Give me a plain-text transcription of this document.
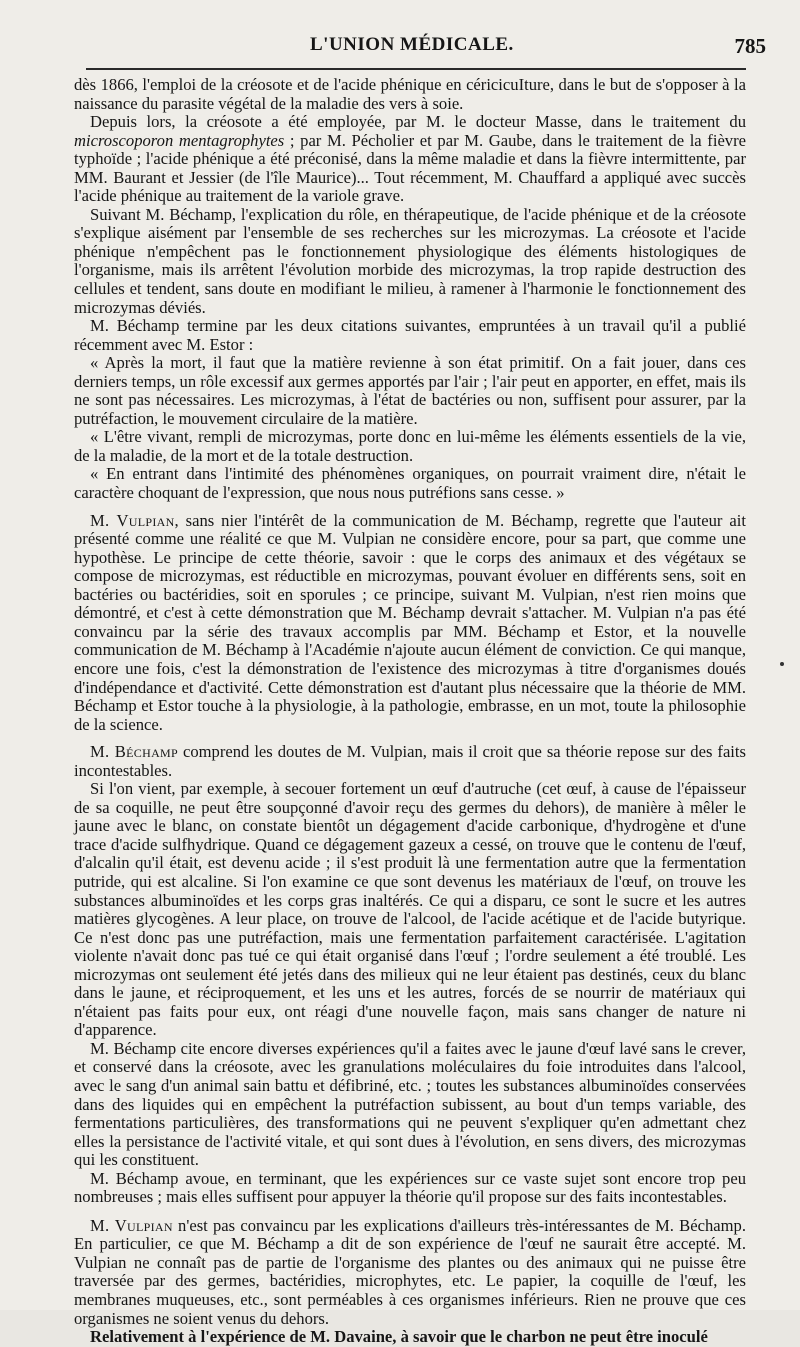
L'UNION MÉDICALE.	785

dès 1866, l'emploi de la créosote et de l'acide phénique en céricicuIture, dans le but de s'opposer à la naissance du parasite végétal de la maladie des vers à soie.

Depuis lors, la créosote a été employée, par M. le docteur Masse, dans le traitement du microscoporon mentagrophytes ; par M. Pécholier et par M. Gaube, dans le traitement de la fièvre typhoïde ; l'acide phénique a été préconisé, dans la même maladie et dans la fièvre intermittente, par MM. Baurant et Jessier (de l'île Maurice)... Tout récemment, M. Chauffard a appliqué avec succès l'acide phénique au traitement de la variole grave.

Suivant M. Béchamp, l'explication du rôle, en thérapeutique, de l'acide phénique et de la créosote s'explique aisément par l'ensemble de ses recherches sur les microzymas. La créosote et l'acide phénique n'empêchent pas le fonctionnement physiologique des éléments histologiques de l'organisme, mais ils arrêtent l'évolution morbide des microzymas, la trop rapide destruction des cellules et tendent, sans doute en modifiant le milieu, à ramener à l'harmonie le fonctionnement des microzymas déviés.

M. Béchamp termine par les deux citations suivantes, empruntées à un travail qu'il a publié récemment avec M. Estor :

« Après la mort, il faut que la matière revienne à son état primitif. On a fait jouer, dans ces derniers temps, un rôle excessif aux germes apportés par l'air ; l'air peut en apporter, en effet, mais ils ne sont pas nécessaires. Les microzymas, à l'état de bactéries ou non, suffisent pour assurer, par la putréfaction, le mouvement circulaire de la matière.

« L'être vivant, rempli de microzymas, porte donc en lui-même les éléments essentiels de la vie, de la maladie, de la mort et de la totale destruction.

« En entrant dans l'intimité des phénomènes organiques, on pourrait vraiment dire, n'était le caractère choquant de l'expression, que nous nous putréfions sans cesse. »

M. Vulpian, sans nier l'intérêt de la communication de M. Béchamp, regrette que l'auteur ait présenté comme une réalité ce que M. Vulpian ne considère encore, pour sa part, que comme une hypothèse. Le principe de cette théorie, savoir : que le corps des animaux et des végétaux se compose de microzymas, est réductible en microzymas, pouvant évoluer en différents sens, soit en bactéries ou bactéridies, soit en sporules ; ce principe, suivant M. Vulpian, n'est rien moins que démontré, et c'est à cette démonstration que M. Béchamp devrait s'attacher. M. Vulpian n'a pas été convaincu par la série des travaux accomplis par MM. Béchamp et Estor, et la nouvelle communication de M. Béchamp à l'Académie n'ajoute aucun élément de conviction. Ce qui manque, encore une fois, c'est la démonstration de l'existence des microzymas à titre d'organismes doués d'indépendance et d'activité. Cette démonstration est d'autant plus nécessaire que la théorie de MM. Béchamp et Estor touche à la physiologie, à la pathologie, embrasse, en un mot, toute la philosophie de la science.

M. Béchamp comprend les doutes de M. Vulpian, mais il croit que sa théorie repose sur des faits incontestables.

Si l'on vient, par exemple, à secouer fortement un œuf d'autruche (cet œuf, à cause de l'épaisseur de sa coquille, ne peut être soupçonné d'avoir reçu des germes du dehors), de manière à mêler le jaune avec le blanc, on constate bientôt un dégagement d'acide carbonique, d'hydrogène et d'une trace d'acide sulfhydrique. Quand ce dégagement gazeux a cessé, on trouve que le contenu de l'œuf, d'alcalin qu'il était, est devenu acide ; il s'est produit là une fermentation autre que la fermentation putride, qui est alcaline. Si l'on examine ce que sont devenus les matériaux de l'œuf, on trouve les substances albuminoïdes et les corps gras inaltérés. Ce qui a disparu, ce sont le sucre et les autres matières glycogènes. A leur place, on trouve de l'alcool, de l'acide acétique et de l'acide butyrique. Ce n'est donc pas une putréfaction, mais une fermentation parfaitement caractérisée. L'agitation violente n'avait donc pas tué ce qui était organisé dans l'œuf ; l'ordre seulement a été troublé. Les microzymas ont seulement été jetés dans des milieux qui ne leur étaient pas destinés, ceux du blanc dans le jaune, et réciproquement, et les uns et les autres, forcés de se nourrir de matériaux qui n'étaient pas faits pour eux, ont réagi d'une nouvelle façon, mais sans changer de nature ni d'apparence.

M. Béchamp cite encore diverses expériences qu'il a faites avec le jaune d'œuf lavé sans le crever, et conservé dans la créosote, avec les granulations moléculaires du foie introduites dans l'alcool, avec le sang d'un animal sain battu et défibriné, etc. ; toutes les substances albuminoïdes conservées dans des liquides qui en empêchent la putréfaction subissent, au bout d'un temps variable, des fermentations particulières, des transformations qui ne peuvent s'expliquer qu'en admettant chez elles la persistance de l'activité vitale, et qui sont dues à l'évolution, en sens divers, des microzymas qui les constituent.

M. Béchamp avoue, en terminant, que les expériences sur ce vaste sujet sont encore trop peu nombreuses ; mais elles suffisent pour appuyer la théorie qu'il propose sur des faits incontestables.

M. Vulpian n'est pas convaincu par les explications d'ailleurs très-intéressantes de M. Béchamp. En particulier, ce que M. Béchamp a dit de son expérience de l'œuf ne saurait être accepté. M. Vulpian ne connaît pas de partie de l'organisme des plantes ou des animaux qui ne puisse être traversée par des germes, bactéridies, microphytes, etc. Le papier, la coquille de l'œuf, les membranes muqueuses, etc., sont perméables à ces organismes inférieurs. Rien ne prouve que ces organismes ne soient venus du dehors.

Relativement à l'expérience de M. Davaine, à savoir que le charbon ne peut être inoculé
